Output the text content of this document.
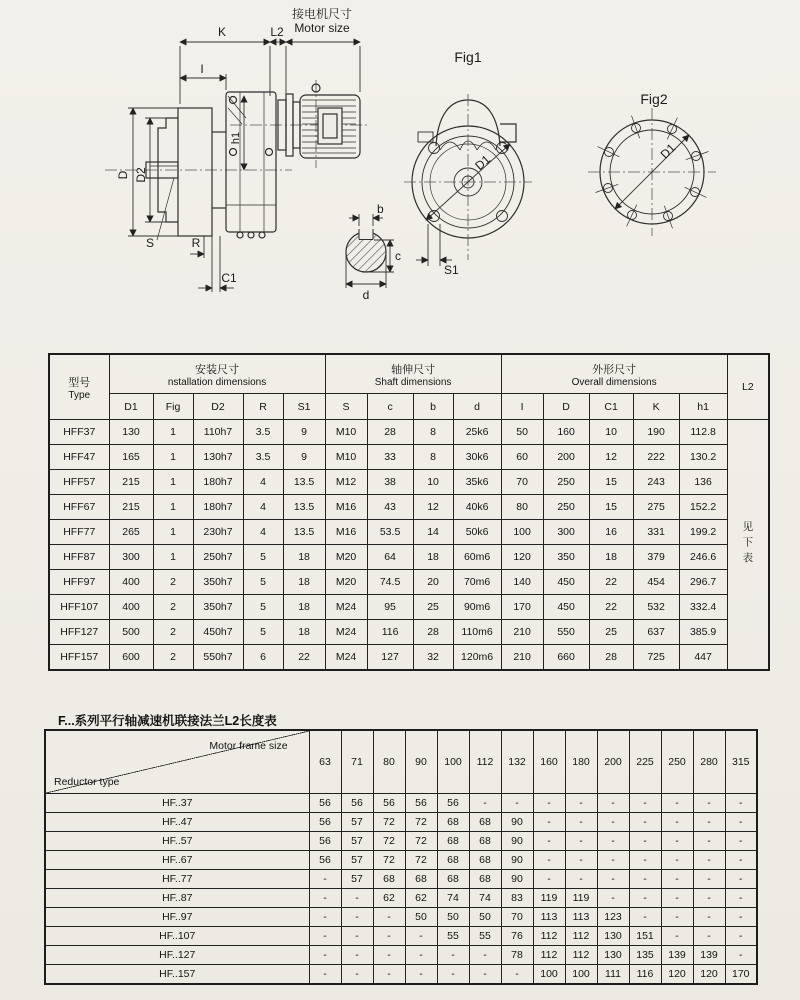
K	L2
接电机尺寸
Motor size
I
D D2
h1
S	R
C1
b
c
d
Fig1
D1
S1
Fig2
D1
型号
Type

安装尺寸
nstallation dimensions

轴伸尺寸
Shaft dimensions

外形尺寸
Overall dimensions	L2
	D1	Fig	D2	R	S1	S	c	b	d	I	D	C1	K	h1	
HFF37	130	1	110h7	3.5	9	M10	28	8	25k6	50	160	10	190	112.8	见下表
HFF47	165	1	130h7	3.5	9	M10	33	8	30k6	60	200	12	222	130.2	
HFF57	215	1	180h7	4	13.5	M12	38	10	35k6	70	250	15	243	136	
HFF67	215	1	180h7	4	13.5	M16	43	12	40k6	80	250	15	275	152.2	
HFF77	265	1	230h7	4	13.5	M16	53.5	14	50k6	100	300	16	331	199.2	
HFF87	300	1	250h7	5	18	M20	64	18	60m6	120	350	18	379	246.6	
HFF97	400	2	350h7	5	18	M20	74.5	20	70m6	140	450	22	454	296.7	
HFF107	400	2	350h7	5	18	M24	95	25	90m6	170	450	22	532	332.4	
HFF127	500	2	450h7	5	18	M24	116	28	110m6	210	550	25	637	385.9	
HFF157	600	2	550h7	6	22	M24	127	32	120m6	210	660	28	725	447	
F...系列平行轴减速机联接法兰L2长度表
Motor frame size
Reductor type	63	71	80	90	100	112	132	160	180	200	225	250	280	315
HF..37	56	56	56	56	56	-	-	-	-	-	-	-	-	-
HF..47	56	57	72	72	68	68	90	-	-	-	-	-	-	-
HF..57	56	57	72	72	68	68	90	-	-	-	-	-	-	-
HF..67	56	57	72	72	68	68	90	-	-	-	-	-	-	-
HF..77	-	57	68	68	68	68	90	-	-	-	-	-	-	-
HF..87	-	-	62	62	74	74	83	119	119	-	-	-	-	-
HF..97	-	-	-	50	50	50	70	113	113	123	-	-	-	-
HF..107	-	-	-	-	55	55	76	112	112	130	151	-	-	-
HF..127	-	-	-	-	-	-	78	112	112	130	135	139	139	-
HF..157	-	-	-	-	-	-	-	100	100	111	116	120	120	170
